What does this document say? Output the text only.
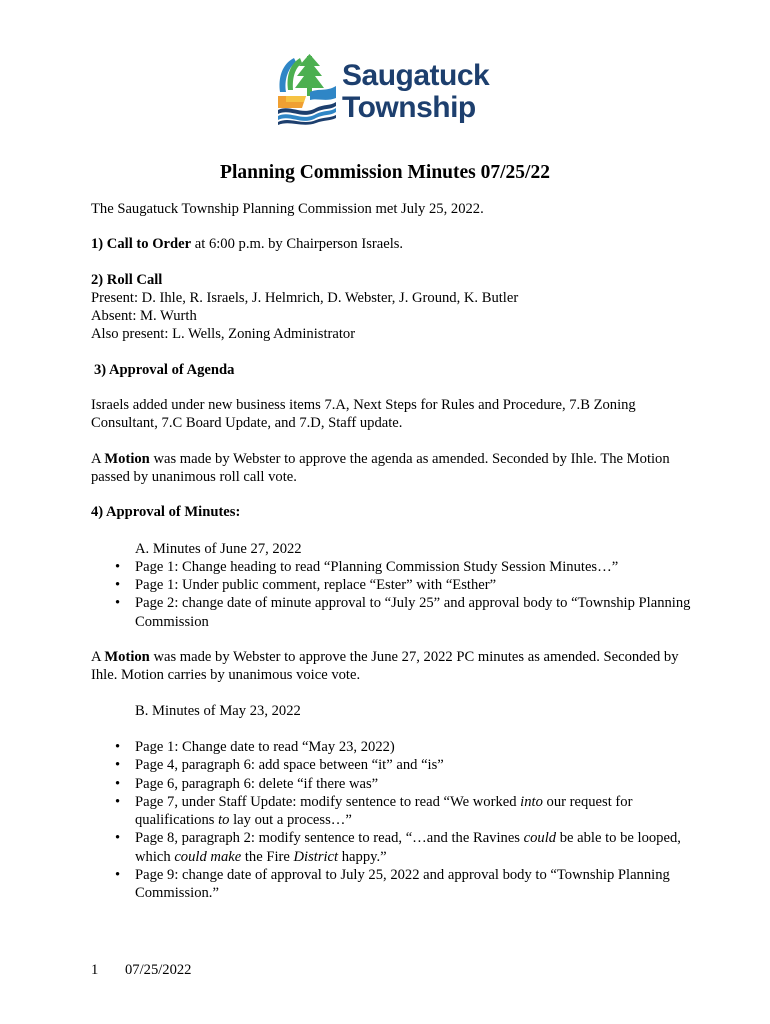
Saugatuck
Township
Planning Commission Minutes 07/25/22

The Saugatuck Township Planning Commission met July 25, 2022.

1) Call to Order at 6:00 p.m. by Chairperson Israels.

2) Roll Call
Present: D. Ihle, R. Israels, J. Helmrich, D. Webster, J. Ground, K. Butler
Absent: M. Wurth
Also present: L. Wells, Zoning Administrator

3) Approval of Agenda

Israels added under new business items 7.A, Next Steps for Rules and Procedure, 7.B Zoning Consultant, 7.C Board Update, and 7.D, Staff update.

A Motion was made by Webster to approve the agenda as amended. Seconded by Ihle. The Motion passed by unanimous roll call vote.

4) Approval of Minutes:

A. Minutes of June 27, 2022
• Page 1: Change heading to read “Planning Commission Study Session Minutes…”
• Page 1: Under public comment, replace “Ester” with “Esther”
• Page 2: change date of minute approval to “July 25” and approval body to “Township Planning Commission

A Motion was made by Webster to approve the June 27, 2022 PC minutes as amended. Seconded by Ihle. Motion carries by unanimous voice vote.

B. Minutes of May 23, 2022
• Page 1: Change date to read “May 23, 2022)
• Page 4, paragraph 6: add space between “it” and “is”
• Page 6, paragraph 6: delete “if there was”
• Page 7, under Staff Update: modify sentence to read “We worked into our request for qualifications to lay out a process…”
• Page 8, paragraph 2: modify sentence to read, “…and the Ravines could be able to be looped, which could make the Fire District happy.”
• Page 9: change date of approval to July 25, 2022 and approval body to “Township Planning Commission.”
1 07/25/2022
